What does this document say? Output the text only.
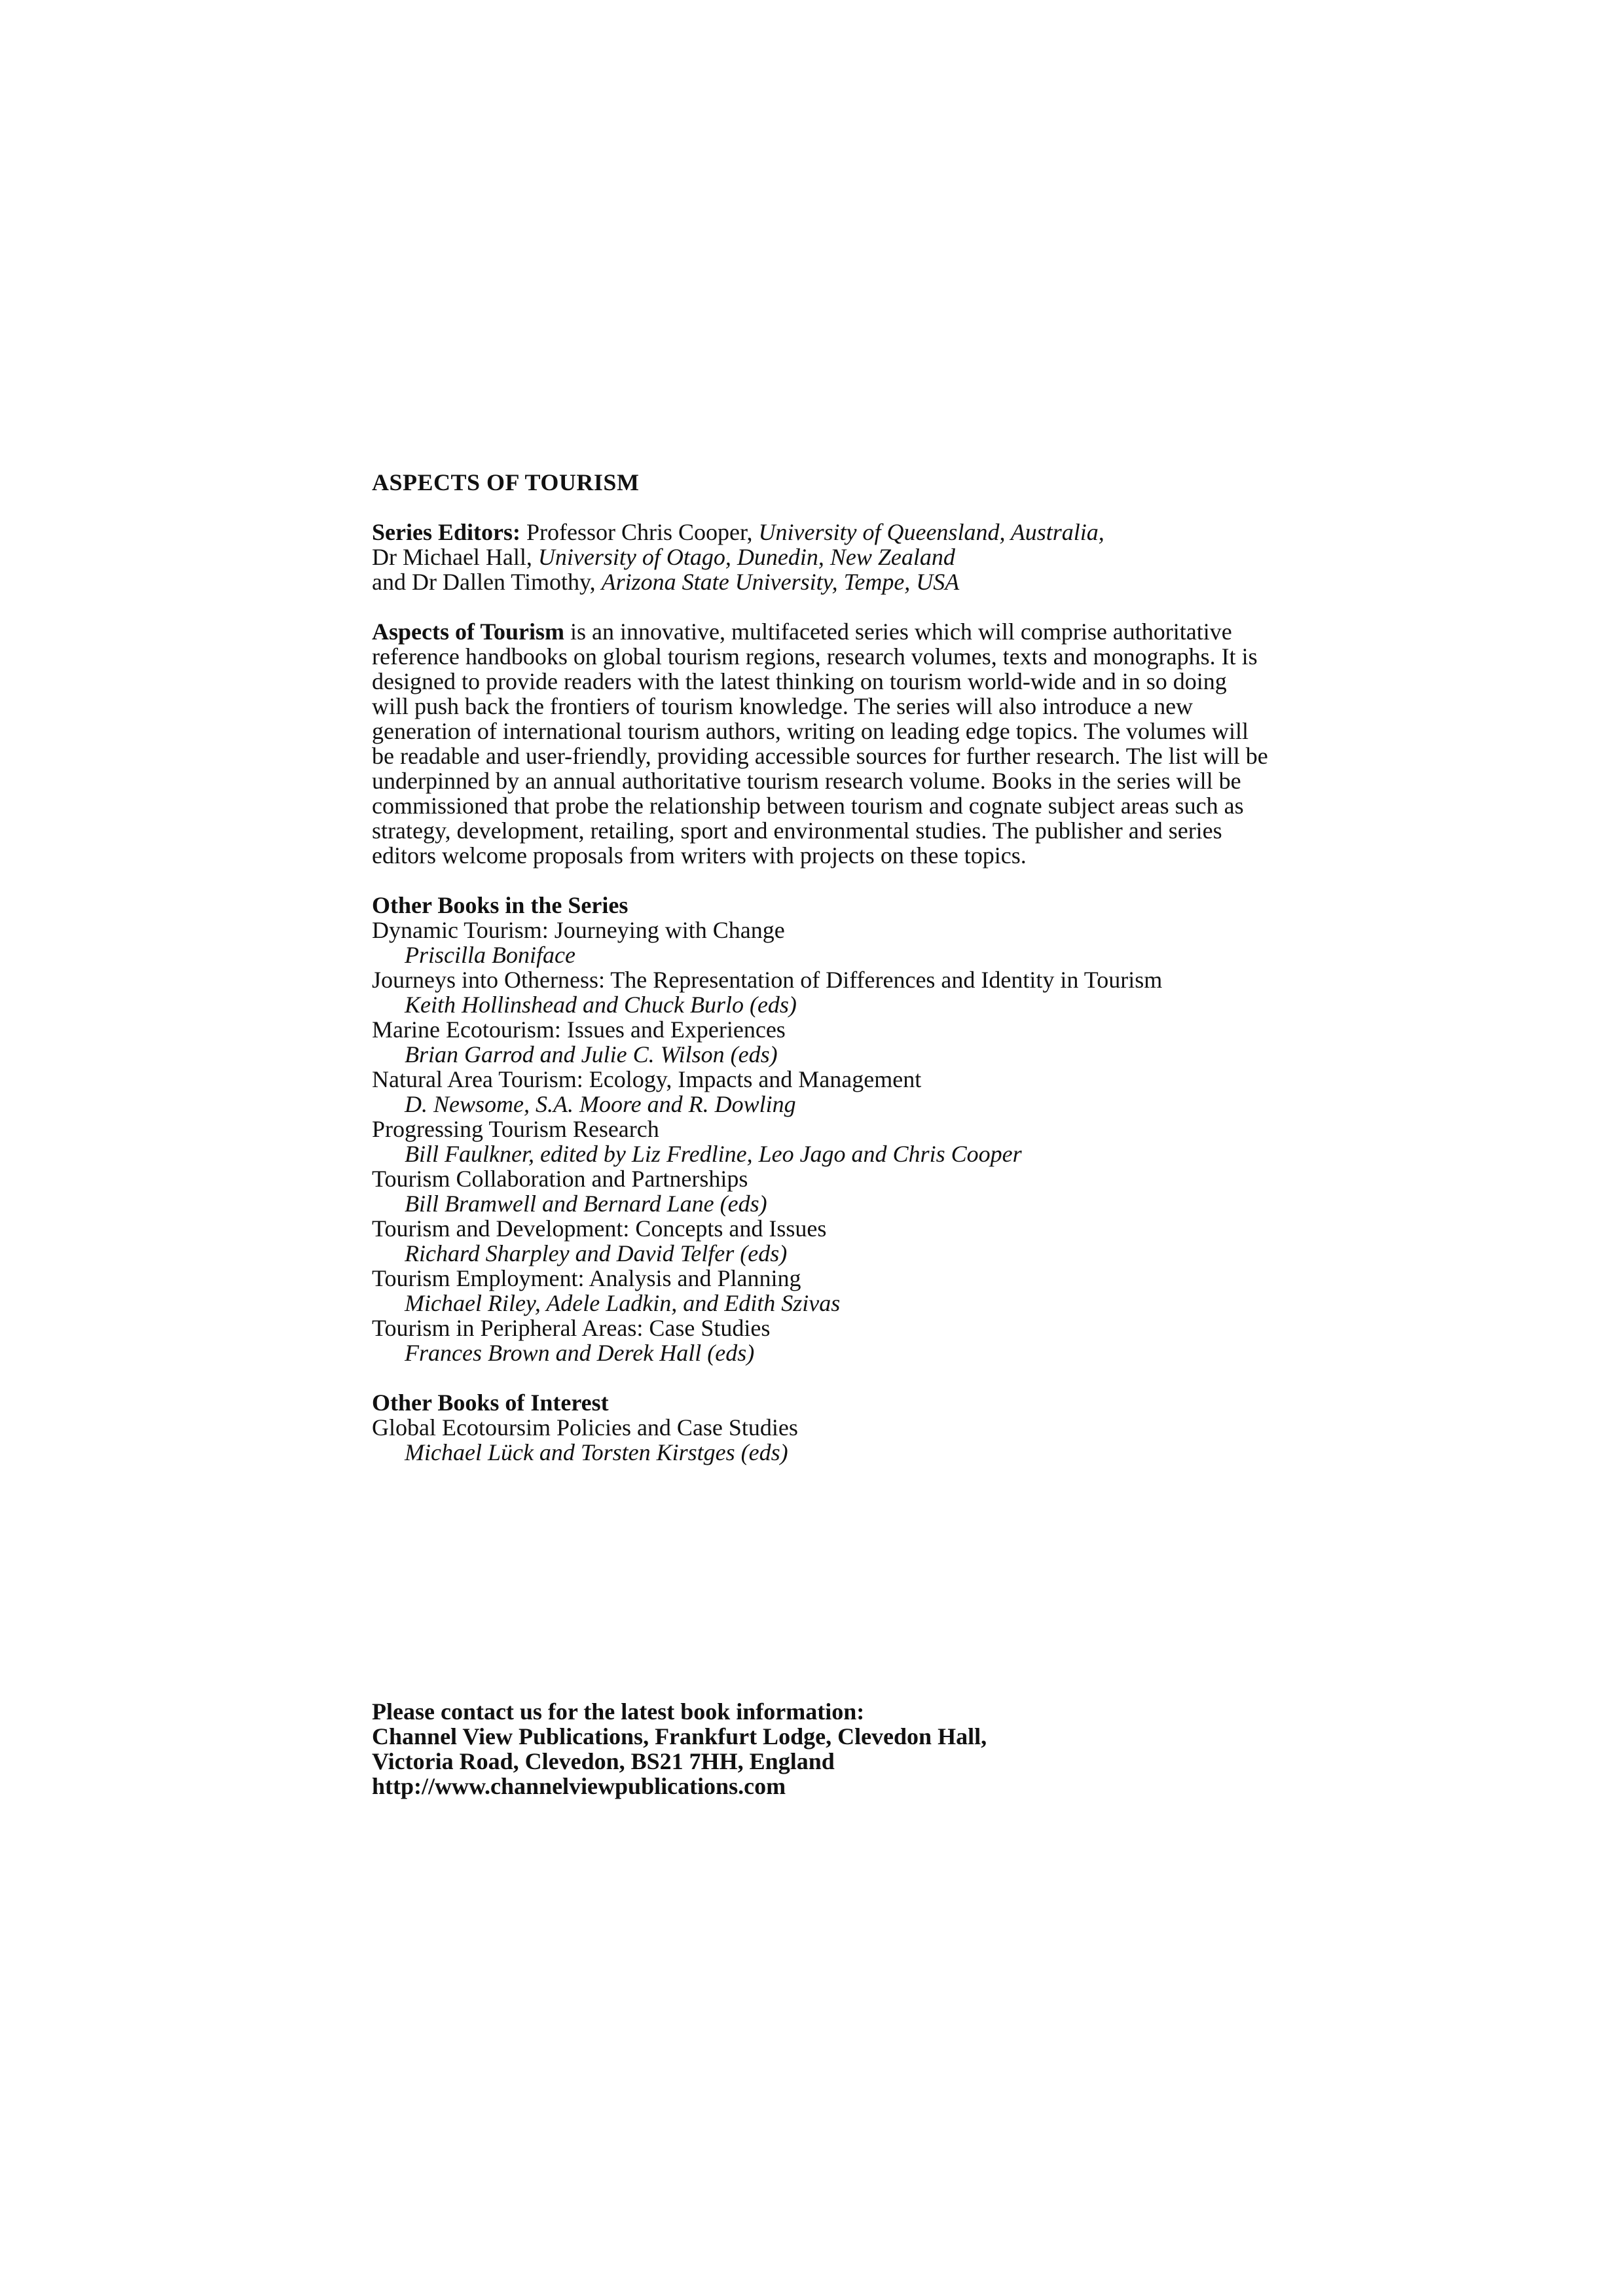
ASPECTS OF TOURISM
Series Editors: Professor Chris Cooper, University of Queensland, Australia,
Dr Michael Hall, University of Otago, Dunedin, New Zealand
and Dr Dallen Timothy, Arizona State University, Tempe, USA
Aspects of Tourism is an innovative, multifaceted series which will comprise authoritative reference handbooks on global tourism regions, research volumes, texts and monographs. It is designed to provide readers with the latest thinking on tourism world-wide and in so doing will push back the frontiers of tourism knowledge. The series will also introduce a new generation of international tourism authors, writing on leading edge topics. The volumes will be readable and user-friendly, providing accessible sources for further research. The list will be underpinned by an annual authoritative tourism research volume. Books in the series will be commissioned that probe the relationship between tourism and cognate subject areas such as strategy, development, retailing, sport and environmental studies. The publisher and series editors welcome proposals from writers with projects on these topics.
Other Books in the Series
Dynamic Tourism: Journeying with Change
Priscilla Boniface
Journeys into Otherness: The Representation of Differences and Identity in Tourism
Keith Hollinshead and Chuck Burlo (eds)
Marine Ecotourism: Issues and Experiences
Brian Garrod and Julie C. Wilson (eds)
Natural Area Tourism: Ecology, Impacts and Management
D. Newsome, S.A. Moore and R. Dowling
Progressing Tourism Research
Bill Faulkner, edited by Liz Fredline, Leo Jago and Chris Cooper
Tourism Collaboration and Partnerships
Bill Bramwell and Bernard Lane (eds)
Tourism and Development: Concepts and Issues
Richard Sharpley and David Telfer (eds)
Tourism Employment: Analysis and Planning
Michael Riley, Adele Ladkin, and Edith Szivas
Tourism in Peripheral Areas: Case Studies
Frances Brown and Derek Hall (eds)
Other Books of Interest
Global Ecotoursim Policies and Case Studies
Michael Lück and Torsten Kirstges (eds)
Please contact us for the latest book information:
Channel View Publications, Frankfurt Lodge, Clevedon Hall,
Victoria Road, Clevedon, BS21 7HH, England
http://www.channelviewpublications.com
